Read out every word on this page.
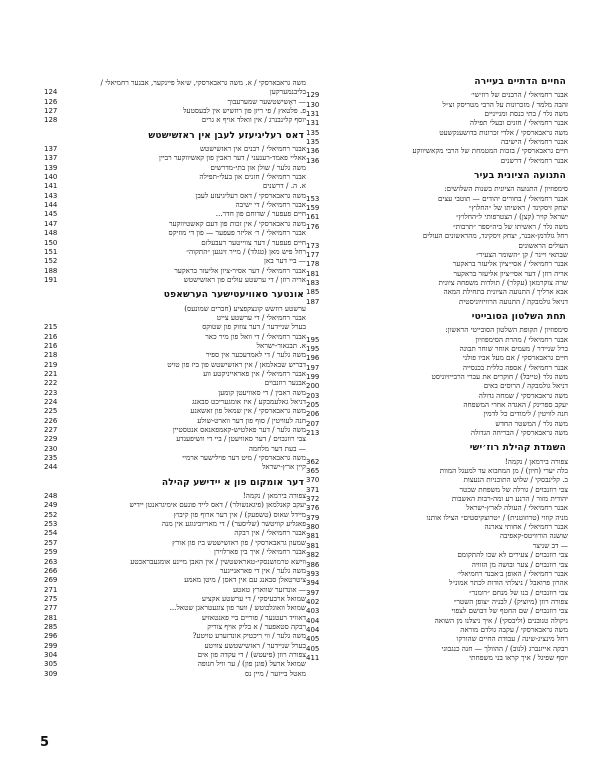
החיים הדתיים בעיירה
אבנר רחמיאלי / הרבנים של רוז׳שי׳
129
זהבה מלמד / מזכרונות על הרבי מטריסק זצ״ל
130
משה גלר / בתי כנסת ומנייניים
131
אבנר רחמיאלי / חזנים ובעלי תפילה
131
משה גראבארסקי / אלדי זכרונות בדושענקשעט
135
אבנר רחמיאלי / הישיבה
135
חיים גראבארסקי / בזכות המטמחת של הרבי מקאשיווקע
136
אבנר רחמיאלי / דרשנים
136
התנועה הציונית בעיר
סימפוזיון / התנועה הציונית בשנות השלושים:
אבנר רחמיאלי / בחורים יהודים — תוטבי עצים
153
יצחק זיסקינד / ראשיתו של ״החלוץ״
159
ישראל קויר (קצן) / הצטרפותי ל״החלוץ״
161
משה גלר / ראשיתו של ביה״ספר ״תרבות״
176
רחל גולדמן-אבנר, יצחק זיסקינד, מהראשונים העולים
העולים הראשונים
173
שבתאי ויינר / קן ״השומר הצעיר״
177
אבנר רחמיאלי / אסי״ציון אליעזר בראקער
178
אריה רוזן / דער אסי״ציון אליעזר בראקער
181
שרה צוקרמאן (עקלר) / תולדות משפחה ציונית
183
אבא ארליך / התנועה הציונית בתחילת המאה
185
דניאל גולמבקה / התנועה הרוויזיוניסטית
187
תחת השלטון הסובייטי
סימפוזיון / תקופת השלטון הסובייטי הראשון:
אבנר רחמיאלי / מהרת הסימפוזיון
195
ברל שניידר / מעמים אוחר שוחר תבונה
195
חיים גראבארסקי / אם מעל אביו פולני
196
אבנר רחמיאלי / אספה כללית בכנסייה
197
משה גלר (טייבל) / חוקרים את עברי הרבייזיוניסט
199
דניאל גולמבקה / הרוסים באים
200
משה גראבארסקי / שמחה גדולה
203
יעקב ספרינק / האגדה אחרי המשפחה
205
חנה לוויטין / לימודים כל לדמין
206
משה גלר / המשטר החדש
207
משה גראבארסקי / הבריחה הגדולה
213
השמדת קהילת רוז׳ישי
צפורה בירמאן / נקמה!
362
בלה יערי (חיון) / מן המחבוא עד למעגל המוות
365
ב. קלינבסקי / שלוש התוכניות הנעצות
370
צבי רוזנבוים / גורלה של משפחת שכטר
371
יהודית מזור / הרנע רע ומה-רבות האשבות
372
אבנר רחמיאלי / העולה לארץ-ישראל
376
מניה קוזוי (טרוזוטנית) / ״טרוצקיסטים״ הצילו אותנו
379
אבנר רחמיאלי / אחותי צארנה
380
שושנה הורוויטס-קאפיבה
381
— דב שניצר
381
צבי רוזנבוים / צעירים לא שכו להתקומם
382
צבי רוזנבוים / צער ובושה מן הזוויה
386
אבנר רחמיאלי / האופן ב׳אבנד רחמיאלי׳
393
אהרון פרואבל / ניצלתי הודות לכתר אמונ״ל
394
צבי רוזנבוים / בנו של מנחם ״רומנר״
397
צפורה רוזן (מיוציק) / לבניה ״צופן השטר״
402
צבי רוזנבוים / שם החטף של דבושם לצפוי
403
ניקולה טנובנים (וליבסקי) / איך ניצלנו מן השואה
404
משה גראבארסקי / עקבה גולדם מוראה
404
רחל מינציג-שינה / עבודת החיים שהורקו
405
רבקה אייזנברג (לנוב) / ההוולך — חנה כנגבוגי
405
יוסף שפיגל / איך קראו בני משפחתי
411
משה גראבארסקי / א. משה גראבארסקי, ש׳אל פיינקער, אבנער רחמיאלי /
בליבנמערקען
124
— ראָשישטשער שמערעבוך
126
פ. פלטאץ / פי ריזן פון רוזשיש אין לבעסטעל
127
יוסף קלינבנרג / אין וואלד אויף א גרים
128
דאס רעליגיעזע לעבן אין ראזשישטש
אבנר רחמיאלי / רבנים אין ראזשישטש
137
אאליי פאמד-רענעני / דער ראבין פון קאשיווקער רביין
137
משה גלער / שולן און בתי-מדרשים
139
אבנר רחמיאלי / חזנים און בעלי-תפילה
140
א. ה. / דרשנים
141
משה גראבארסקי / דאס רעליגיעזע לעבן
143
אבנר רחמיאלי / די ישיבה
144
חיים פעפער / שדוחם פון חדר...
145
משה גראבארסקי / אין זכות פון דעם קאשטיווקער
147
אבנר רחמיאלי / ר׳ אליזר פעפער — פון די מוזיקס
148
חיים פעפער / דער צווייטער רעבעלזם
150
רחל פיש מאן (טגלד) / מייר זינגען ״התקוה״
151
— ביי דער באן
152
אבנר רחמיאלי / דער אסיר-ציון אליעזר בראקער
188
אריה רוזן / די ערשטע עולים פון ראזשישטש
191
אונטער סאוויעטישער הערשאפט
ערשטע רוזשש קונצקפציע (חברים שמונעס)
אבנר רחמיאלי / די ערשטע צייט
בערל שניידער / דער צוזוק פון שטוקס
215
אבנר רחמיאלי / די וואל פון מיר כאר
216
א. תבנאור-ישראל
216
משה גלער / די לאמדעכער אין ספיר
218
דבריש שבאלמאן / אין ראזשישטש פון ביז פון טויט
219
אבנר רחמיאלי / אין פאראייניקטע ווע
221
אבנער רוזנבוים
222
משה ראבין / די סאוויעטן קומען
223
דניאל גאלעמבקע / איז אומגעריכט סבאנג
224
משה גראבארסקי / אין שמאל פון זאשאנע
225
חנה לעוויטין / סוף פון דער ווארט-שולע
226
משה גלער / דער פאלטיש-קאמפאנאס אנטסטיין
227
צבי רוזנבוים / דער סאוויעטן / ביי די וושיפענדע
229
— בעת דער מלחמה
230
משה גראבארסקי / מיט דער פוילישער ארמיי
235
קיין ארץ-ישראל
244
דער אומקום פון א יידישע קהילה
צפורה בירמאן / נקמה!
248
יעקב קאנלמאן (פיגאנשולר) / דאס לייד פונעם אימיגראנטן יידיש
249
מיידל שאוס (טשפעק) / אין דער ארוף פון קיבוץ
252
פאגליע קוויטשר (שליסער) / די מאריוביגוגע אין מנה
253
אבנר רחמיאלי / אין רבקה
254
שמעון גראבארסקי / פון ראזשישטש ביז פון אורץ
257
אבנר רחמיאלי / איך בין פארלוירן
259
ווישא טרמושנסקי-טאראשטשין / אין האבן מיינע אומגעבראכטע
263
משה גלער / אין די פאראנייגער
266
ציטרטאלן סבאנג עם אין דאסן / מיטן מאמע
269
— אונדזער שווארץ טאטע
271
שמואל ארבעיסקי / די ערשטע אקציע
275
שמואל וואוגלבוטש / ווער פון צוגעטראגן שטאל...
277
דאוויד רעטנער / פוריים ביי פאנטאזיע
281
רבקה סטאפער / א בליק אויף צוריק
285
משה גלער / ווי ריכטיק אונדזערע טויטע?
296
בערל שניידער / ראזשישטשע צוויטע
299
צפורה רוזן (פיעטש) / די עקדה פון אים
304
שמואל ארעל (פונן פון) / ער וויל חנופה
305
מאטל בייזער / מיין נס
309
5
